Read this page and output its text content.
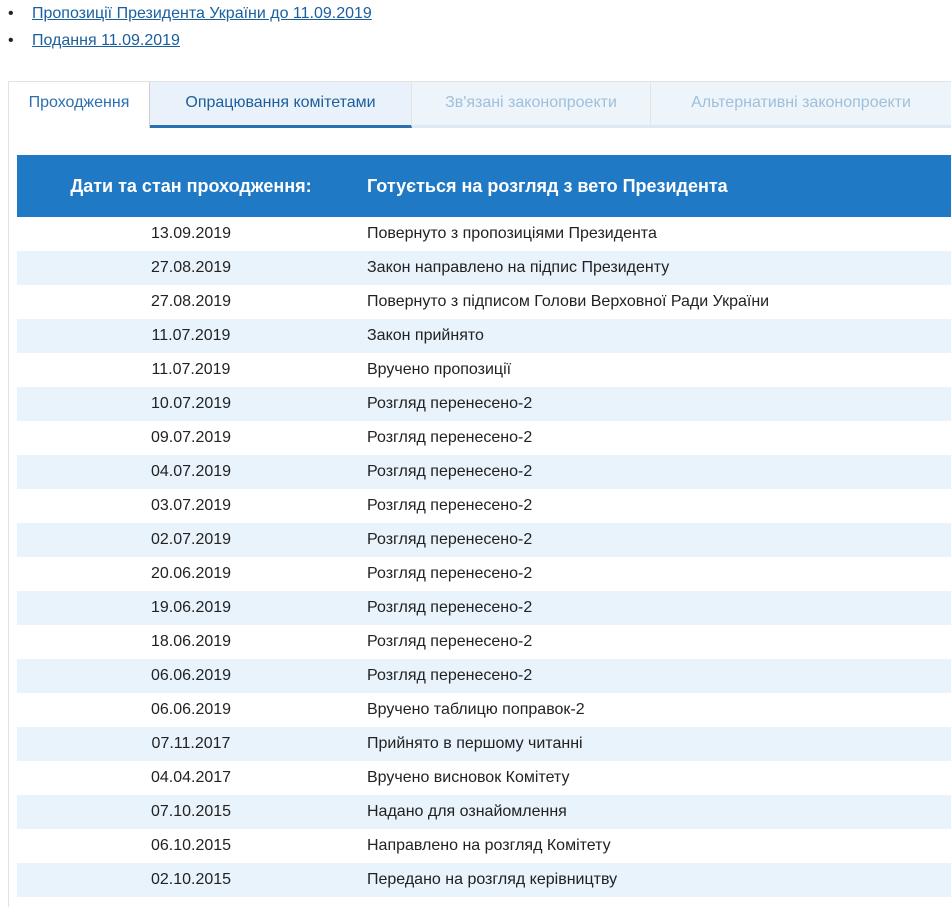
• Пропозиції Президента України до 11.09.2019
• Подання 11.09.2019
Проходження	Опрацювання комітетами	Зв'язані законопроекти	Альтернативні законопроекти
Дати та стан проходження:	Готується на розгляд з вето Президента
13.09.2019	Повернуто з пропозиціями Президента
27.08.2019	Закон направлено на підпис Президенту
27.08.2019	Повернуто з підписом Голови Верховної Ради України
11.07.2019	Закон прийнято
11.07.2019	Вручено пропозиції
10.07.2019	Розгляд перенесено-2
09.07.2019	Розгляд перенесено-2
04.07.2019	Розгляд перенесено-2
03.07.2019	Розгляд перенесено-2
02.07.2019	Розгляд перенесено-2
20.06.2019	Розгляд перенесено-2
19.06.2019	Розгляд перенесено-2
18.06.2019	Розгляд перенесено-2
06.06.2019	Розгляд перенесено-2
06.06.2019	Вручено таблицю поправок-2
07.11.2017	Прийнято в першому читанні
04.04.2017	Вручено висновок Комітету
07.10.2015	Надано для ознайомлення
06.10.2015	Направлено на розгляд Комітету
02.10.2015	Передано на розгляд керівництву
